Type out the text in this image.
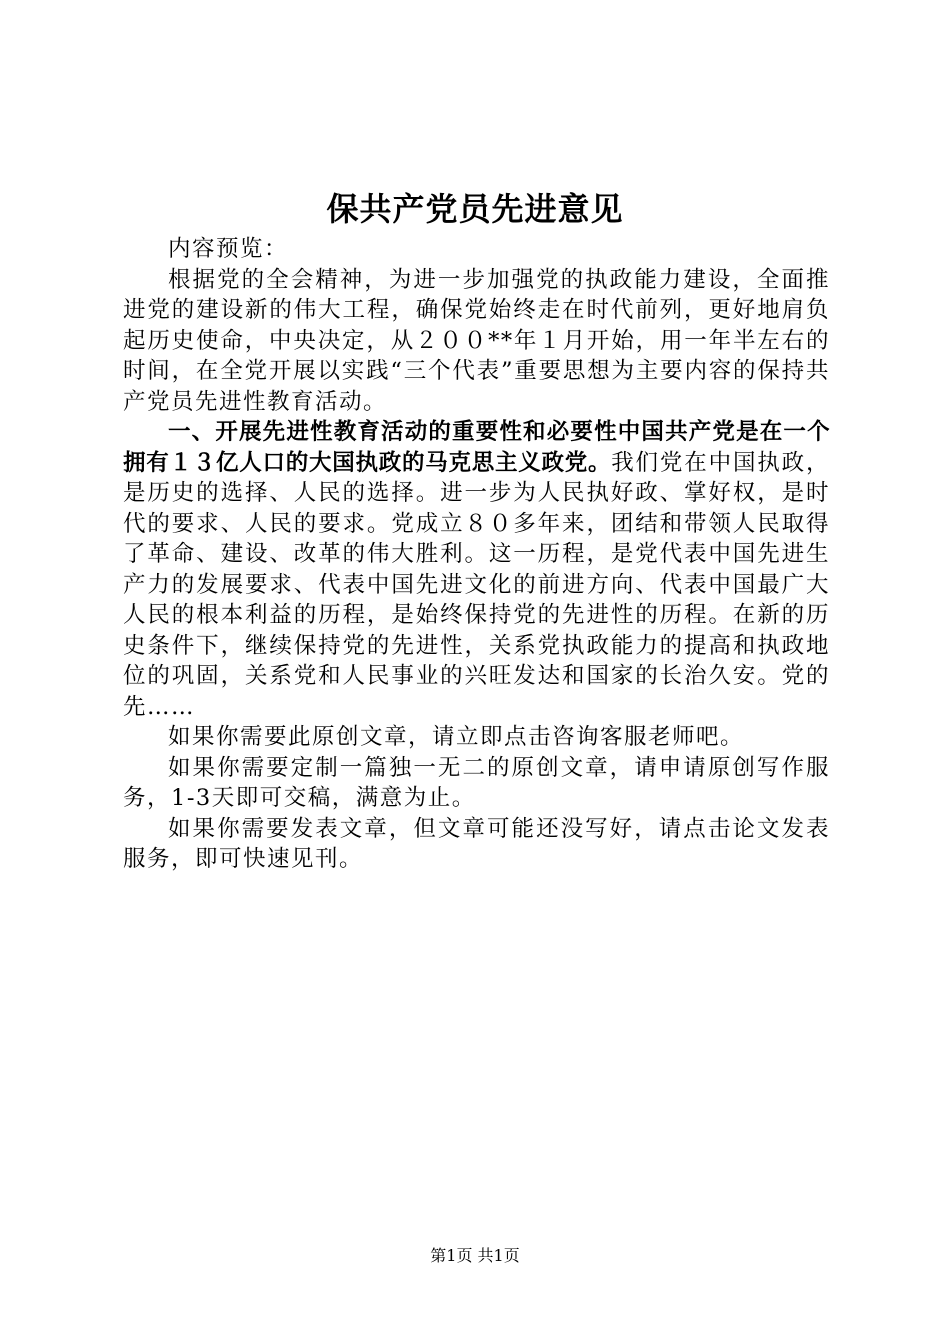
保共产党员先进意见

内容预览：

根据党的全会精神，为进一步加强党的执政能力建设，全面推进党的建设新的伟大工程，确保党始终走在时代前列，更好地肩负起历史使命，中央决定，从２００**年１月开始，用一年半左右的时间，在全党开展以实践“三个代表”重要思想为主要内容的保持共产党员先进性教育活动。

一、开展先进性教育活动的重要性和必要性中国共产党是在一个拥有１３亿人口的大国执政的马克思主义政党。我们党在中国执政，是历史的选择、人民的选择。进一步为人民执好政、掌好权，是时代的要求、人民的要求。党成立８０多年来，团结和带领人民取得了革命、建设、改革的伟大胜利。这一历程，是党代表中国先进生产力的发展要求、代表中国先进文化的前进方向、代表中国最广大人民的根本利益的历程，是始终保持党的先进性的历程。在新的历史条件下，继续保持党的先进性，关系党执政能力的提高和执政地位的巩固，关系党和人民事业的兴旺发达和国家的长治久安。党的先……

如果你需要此原创文章，请立即点击咨询客服老师吧。

如果你需要定制一篇独一无二的原创文章，请申请原创写作服务，1-3天即可交稿，满意为止。

如果你需要发表文章，但文章可能还没写好，请点击论文发表服务，即可快速见刊。

第1页 共1页
